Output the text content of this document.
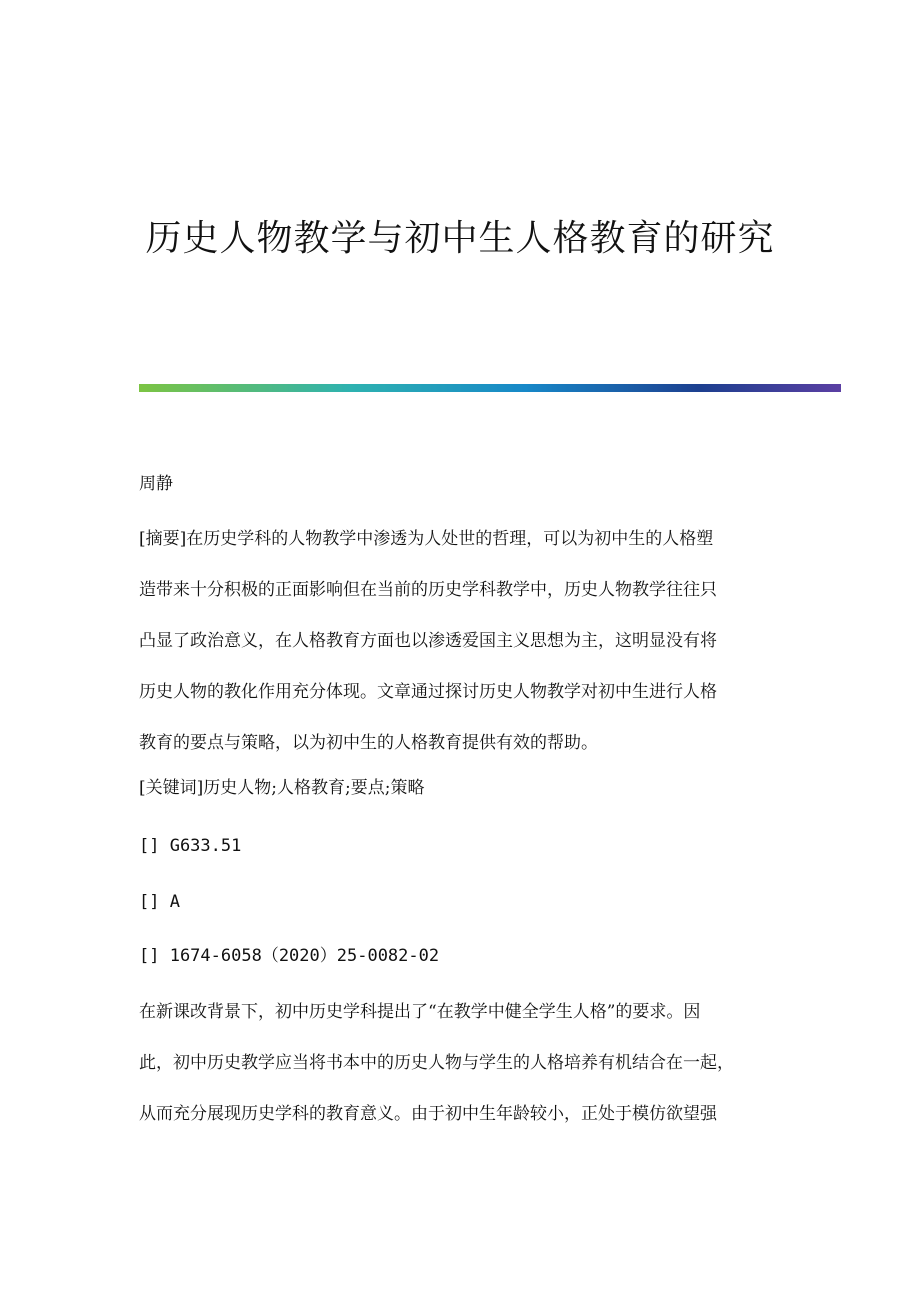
历史人物教学与初中生人格教育的研究
周静
[摘要]在历史学科的人物教学中渗透为人处世的哲理，可以为初中生的人格塑
造带来十分积极的正面影响但在当前的历史学科教学中，历史人物教学往往只
凸显了政治意义，在人格教育方面也以渗透爱国主义思想为主，这明显没有将
历史人物的教化作用充分体现。文章通过探讨历史人物教学对初中生进行人格
教育的要点与策略，以为初中生的人格教育提供有效的帮助。
[关键词]历史人物;人格教育;要点;策略
[] G633.51
[] A
[] 1674-6058（2020）25-0082-02
在新课改背景下，初中历史学科提出了“在教学中健全学生人格”的要求。因
此，初中历史教学应当将书本中的历史人物与学生的人格培养有机结合在一起，
从而充分展现历史学科的教育意义。由于初中生年龄较小，正处于模仿欲望强
